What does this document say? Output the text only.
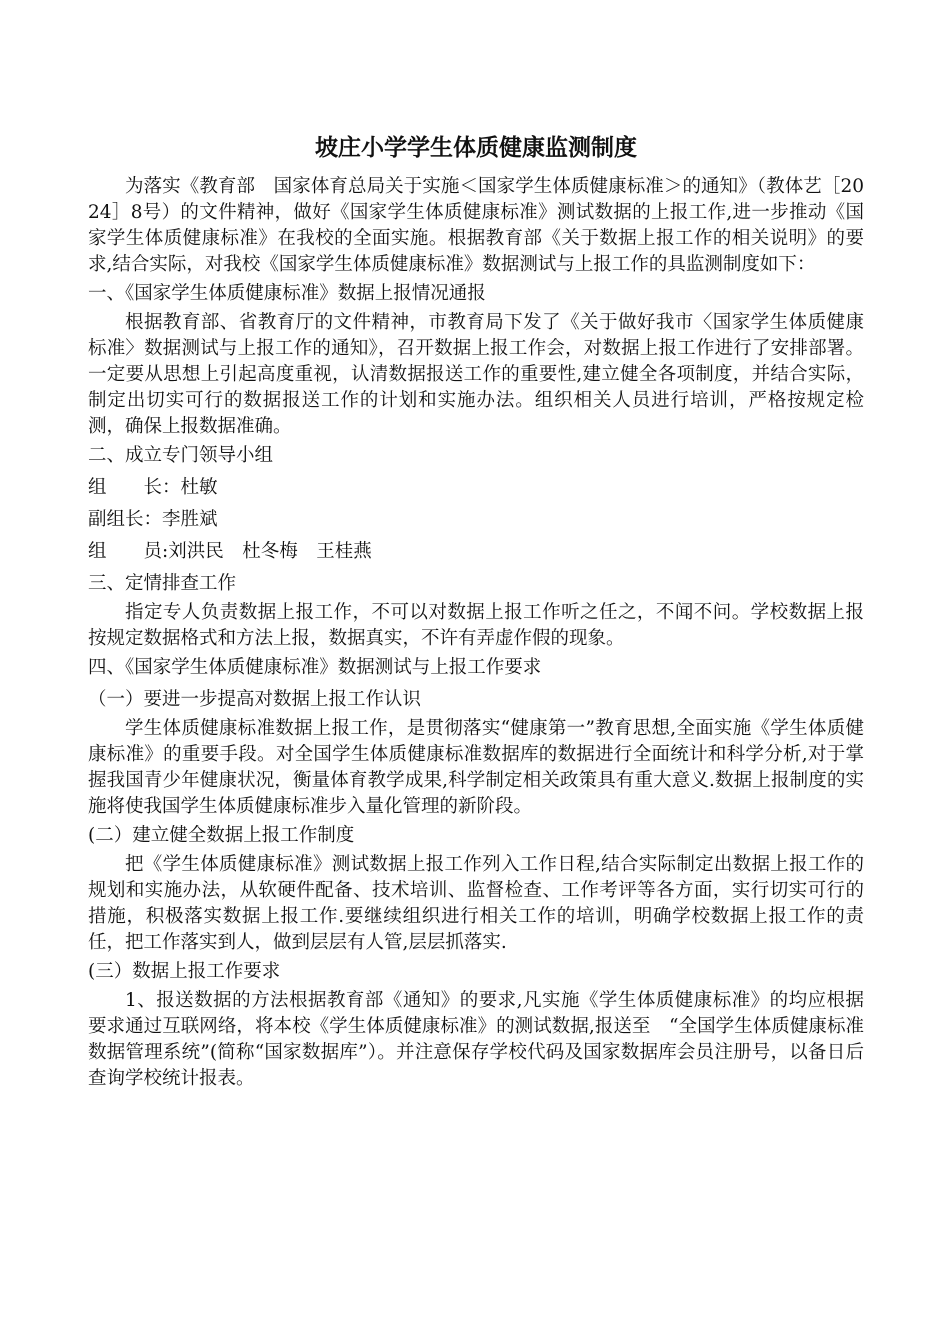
坡庄小学学生体质健康监测制度

为落实《教育部　国家体育总局关于实施＜国家学生体质健康标准＞的通知》（教体艺［2024］8号）的文件精神，做好《国家学生体质健康标准》测试数据的上报工作,进一步推动《国家学生体质健康标准》在我校的全面实施。根据教育部《关于数据上报工作的相关说明》的要求,结合实际，对我校《国家学生体质健康标准》数据测试与上报工作的具监测制度如下：

一、《国家学生体质健康标准》数据上报情况通报

根据教育部、省教育厅的文件精神，市教育局下发了《关于做好我市〈国家学生体质健康标准〉数据测试与上报工作的通知》，召开数据上报工作会，对数据上报工作进行了安排部署。一定要从思想上引起高度重视，认清数据报送工作的重要性,建立健全各项制度，并结合实际，制定出切实可行的数据报送工作的计划和实施办法。组织相关人员进行培训，严格按规定检测，确保上报数据准确。

二、成立专门领导小组

组　　长： 杜敏

副组长： 李胜斌

组　　员: 刘洪民　杜冬梅　王桂燕

三、定情排查工作

指定专人负责数据上报工作，不可以对数据上报工作听之任之，不闻不问。学校数据上报按规定数据格式和方法上报，数据真实，不许有弄虚作假的现象。

四、《国家学生体质健康标准》数据测试与上报工作要求

（一）要进一步提高对数据上报工作认识

学生体质健康标准数据上报工作，是贯彻落实“健康第一”教育思想,全面实施《学生体质健康标准》的重要手段。对全国学生体质健康标准数据库的数据进行全面统计和科学分析,对于掌握我国青少年健康状况，衡量体育教学成果,科学制定相关政策具有重大意义.数据上报制度的实施将使我国学生体质健康标准步入量化管理的新阶段。

(二）建立健全数据上报工作制度

把《学生体质健康标准》测试数据上报工作列入工作日程,结合实际制定出数据上报工作的规划和实施办法，从软硬件配备、技术培训、监督检查、工作考评等各方面，实行切实可行的措施，积极落实数据上报工作.要继续组织进行相关工作的培训，明确学校数据上报工作的责任，把工作落实到人，做到层层有人管,层层抓落实.

(三）数据上报工作要求

1、报送数据的方法根据教育部《通知》的要求,凡实施《学生体质健康标准》的均应根据要求通过互联网络，将本校《学生体质健康标准》的测试数据,报送至　“全国学生体质健康标准数据管理系统”(简称“国家数据库”）。并注意保存学校代码及国家数据库会员注册号，以备日后查询学校统计报表。
